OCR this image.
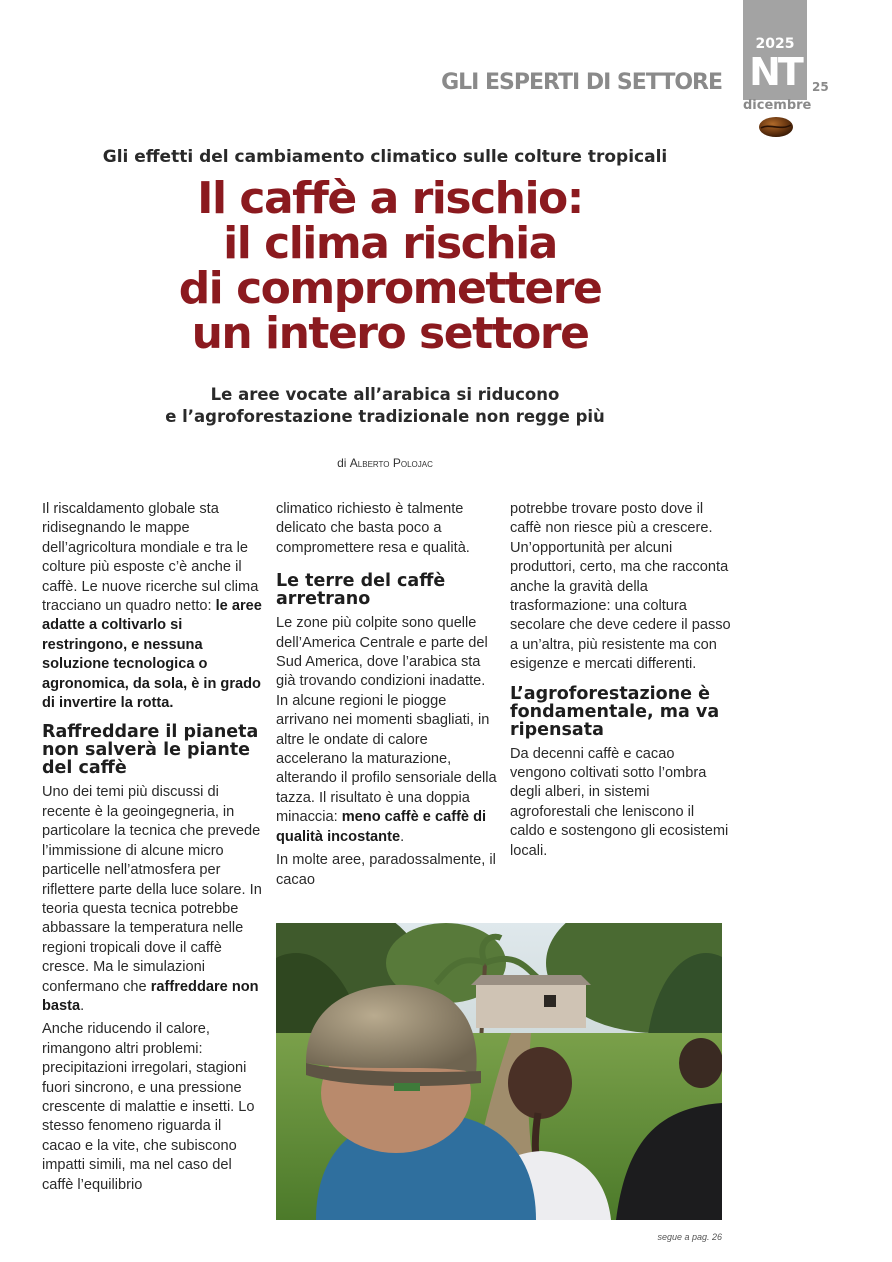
GLI ESPERTI DI SETTORE
2025
NT
dicembre
25
Gli effetti del cambiamento climatico sulle colture tropicali
Il caffè a rischio:
il clima rischia
di compromettere
un intero settore
Le aree vocate all’arabica si riducono
e l’agroforestazione tradizionale non regge più
di Alberto Polojac

Il riscaldamento globale sta ridisegnando le mappe dell’agricoltura mondiale e tra le colture più esposte c’è anche il caffè. Le nuove ricerche sul clima tracciano un quadro netto: le aree adatte a coltivarlo si restringono, e nessuna soluzione tecnologica o agronomica, da sola, è in grado di invertire la rotta.

Raffreddare il pianeta non salverà le piante del caffè

Uno dei temi più discussi di recente è la geoingegneria, in particolare la tecnica che prevede l’immissione di alcune micro particelle nell’atmosfera per riflettere parte della luce solare. In teoria questa tecnica potrebbe abbassare la temperatura nelle regioni tropicali dove il caffè cresce. Ma le simulazioni confermano che raffreddare non basta.

Anche riducendo il calore, rimangono altri problemi: precipitazioni irregolari, stagioni fuori sincrono, e una pressione crescente di malattie e insetti. Lo stesso fenomeno riguarda il cacao e la vite, che subiscono impatti simili, ma nel caso del caffè l’equilibrio

climatico richiesto è talmente delicato che basta poco a compromettere resa e qualità.

Le terre del caffè arretrano

Le zone più colpite sono quelle dell’America Centrale e parte del Sud America, dove l’arabica sta già trovando condizioni inadatte. In alcune regioni le piogge arrivano nei momenti sbagliati, in altre le ondate di calore accelerano la maturazione, alterando il profilo sensoriale della tazza. Il risultato è una doppia minaccia: meno caffè e caffè di qualità incostante.

In molte aree, paradossalmente, il cacao

potrebbe trovare posto dove il caffè non riesce più a crescere. Un’opportunità per alcuni produttori, certo, ma che racconta anche la gravità della trasformazione: una coltura secolare che deve cedere il passo a un’altra, più resistente ma con esigenze e mercati differenti.

L’agroforestazione è fondamentale, ma va ripensata

Da decenni caffè e cacao vengono coltivati sotto l’ombra degli alberi, in sistemi agroforestali che leniscono il caldo e sostengono gli ecosistemi locali.

segue a pag. 26
